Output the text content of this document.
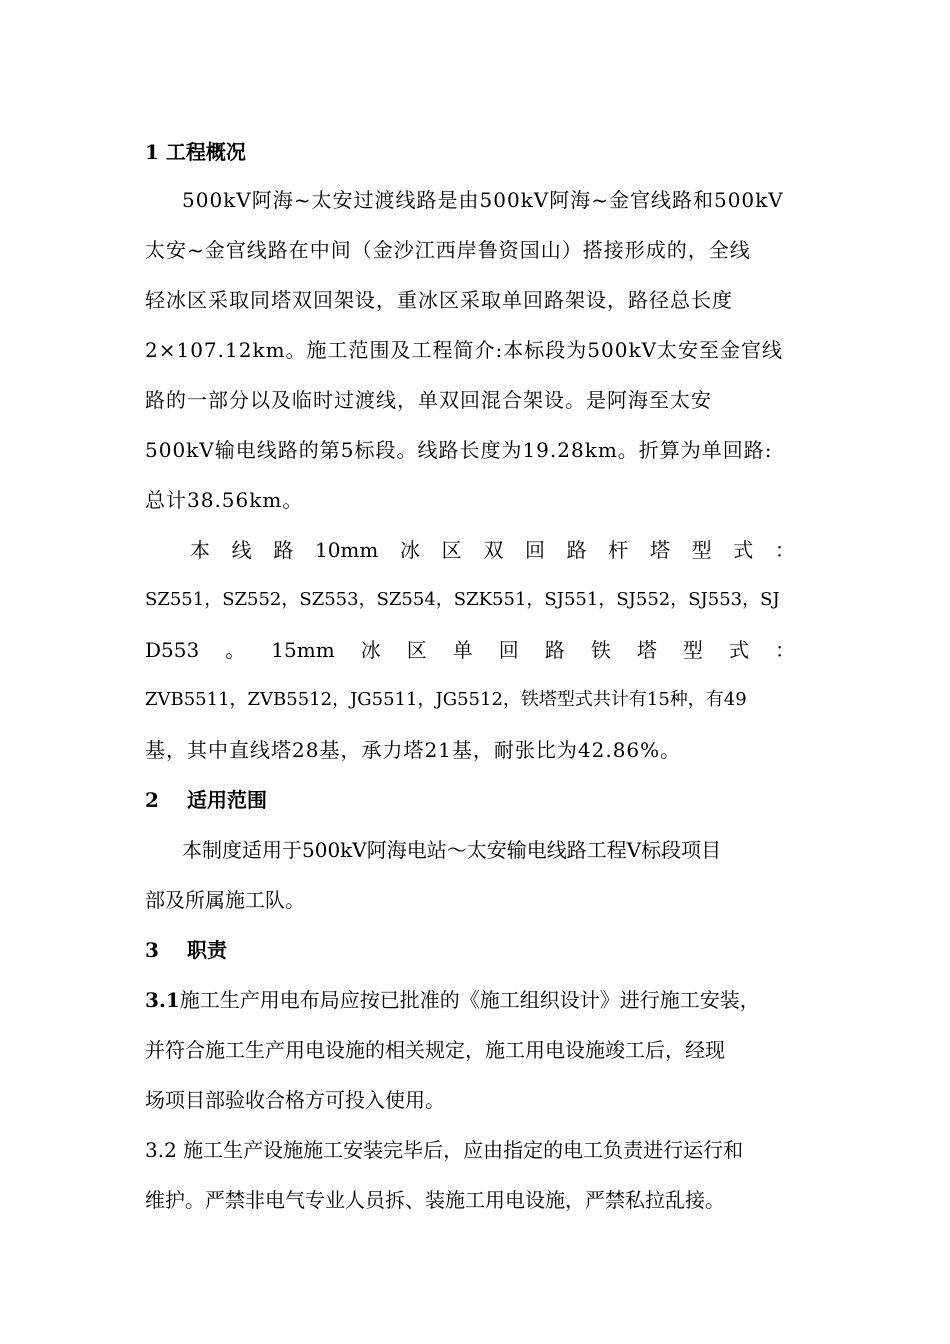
1 工程概况
500kV阿海~太安过渡线路是由500kV阿海~金官线路和500kV
太安~金官线路在中间（金沙江西岸鲁资国山）搭接形成的，全线
轻冰区采取同塔双回架设，重冰区采取单回路架设，路径总长度
2×107.12km。施工范围及工程简介:本标段为500kV太安至金官线
路的一部分以及临时过渡线，单双回混合架设。是阿海至太安
500kV输电线路的第5标段。线路长度为19.28km。折算为单回路:
总计38.56km。
本 线 路 10mm 冰 区 双 回 路 杆 塔 型 式 ：
SZ551，SZ552，SZ553，SZ554，SZK551，SJ551，SJ552，SJ553，SJ
D553 。 15mm 冰 区 单 回 路 铁 塔 型 式 ：
ZVB5511，ZVB5512，JG5511，JG5512，铁塔型式共计有15种，有49
基，其中直线塔28基，承力塔21基，耐张比为42.86%。
2 适用范围
本制度适用于500kV阿海电站～太安输电线路工程Ⅴ标段项目
部及所属施工队。
3 职责
3.1施工生产用电布局应按已批准的《施工组织设计》进行施工安装，
并符合施工生产用电设施的相关规定，施工用电设施竣工后，经现
场项目部验收合格方可投入使用。
3.2 施工生产设施施工安装完毕后，应由指定的电工负责进行运行和
维护。严禁非电气专业人员拆、装施工用电设施，严禁私拉乱接。
